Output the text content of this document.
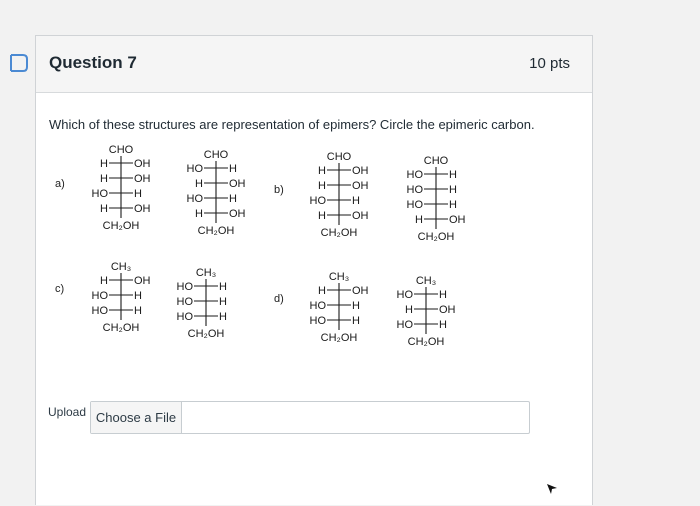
Question 7	10 pts
Which of these structures are representation of epimers? Circle the epimeric carbon.
a)	b)
c)
d)
CHO
H OH
H OH
HO H
H OH
CH₂OH
CHO
HO H
H OH
HO H
H OH
CH₂OH
CHO
H OH
H OH
HO H
H OH
CH₂OH
CHO
HO H
HO H
HO H
H OH
CH₂OH
CH₃
H OH
HO H
HO H
CH₂OH
CH₃
HO H
HO H
HO H
CH₂OH
CH₃
H OH
HO H
HO H
CH₂OH
CH₃
HO H
H OH
HO H
CH₂OH
Upload Choose a File
